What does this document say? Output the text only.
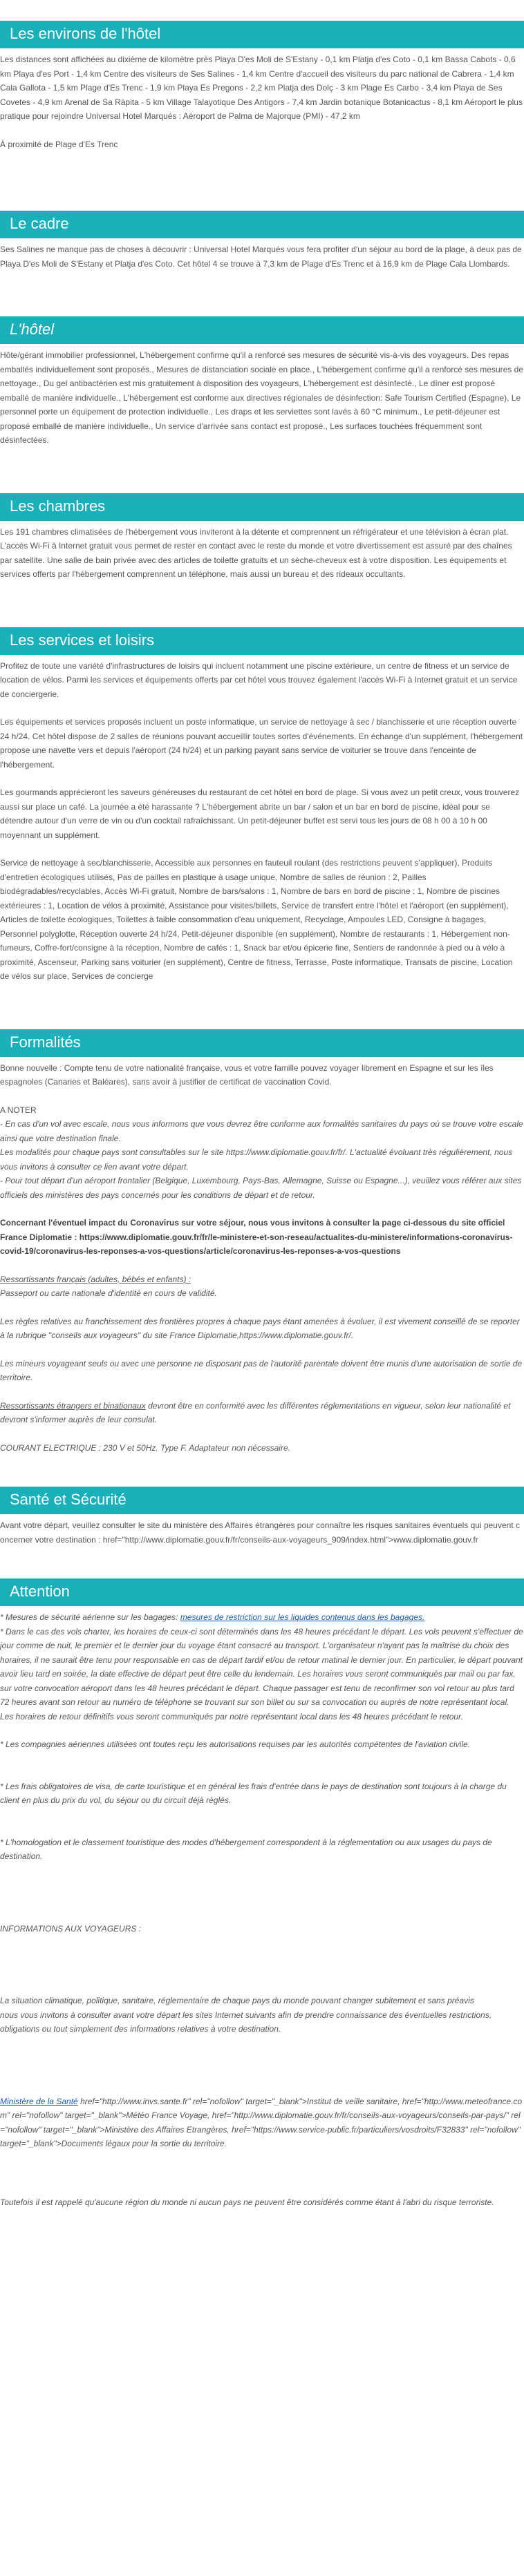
Les environs de l'hôtel

Les distances sont affichées au dixième de kilomètre près Playa D'es Moli de S'Estany - 0,1 km Platja d'es Coto - 0,1 km Bassa Cabots - 0,6 km Playa d'es Port - 1,4 km Centre des visiteurs de Ses Salines - 1,4 km Centre d'accueil des visiteurs du parc national de Cabrera - 1,4 km Cala Gallota - 1,5 km Plage d'Es Trenc - 1,9 km Playa Es Pregons - 2,2 km Platja des Dolç - 3 km Plage Es Carbo - 3,4 km Playa de Ses Covetes - 4,9 km Arenal de Sa Ràpita - 5 km Village Talayotique Des Antigors - 7,4 km Jardin botanique Botanicactus - 8,1 km Aéroport le plus pratique pour rejoindre Universal Hotel Marqués : Aéroport de Palma de Majorque (PMI) - 47,2 km

À proximité de Plage d'Es Trenc

Le cadre

Ses Salines ne manque pas de choses à découvrir : Universal Hotel Marqués vous fera profiter d'un séjour au bord de la plage, à deux pas de Playa D'es Moli de S'Estany et Platja d'es Coto. Cet hôtel 4 se trouve à 7,3 km de Plage d'Es Trenc et à 16,9 km de Plage Cala Llombards.

L'hôtel

Hôte/gérant immobilier professionnel, L'hébergement confirme qu'il a renforcé ses mesures de sécurité vis-à-vis des voyageurs. Des repas emballés individuellement sont proposés., Mesures de distanciation sociale en place., L'hébergement confirme qu'il a renforcé ses mesures de nettoyage., Du gel antibactérien est mis gratuitement à disposition des voyageurs, L'hébergement est désinfecté., Le dîner est proposé emballé de manière individuelle., L'hébergement est conforme aux directives régionales de désinfection: Safe Tourism Certified (Espagne), Le personnel porte un équipement de protection individuelle., Les draps et les serviettes sont lavés à 60 °C minimum., Le petit-déjeuner est proposé emballé de manière individuelle., Un service d'arrivée sans contact est proposé., Les surfaces touchées fréquemment sont désinfectées.

Les chambres

Les 191 chambres climatisées de l'hébergement vous inviteront à la détente et comprennent un réfrigérateur et une télévision à écran plat. L'accès Wi-Fi à Internet gratuit vous permet de rester en contact avec le reste du monde et votre divertissement est assuré par des chaînes par satellite. Une salle de bain privée avec des articles de toilette gratuits et un sèche-cheveux est à votre disposition. Les équipements et services offerts par l'hébergement comprennent un téléphone, mais aussi un bureau et des rideaux occultants.

Les services et loisirs

Profitez de toute une variété d'infrastructures de loisirs qui incluent notamment une piscine extérieure, un centre de fitness et un service de location de vélos. Parmi les services et équipements offerts par cet hôtel vous trouvez également l'accès Wi-Fi à Internet gratuit et un service de conciergerie.

Les équipements et services proposés incluent un poste informatique, un service de nettoyage à sec / blanchisserie et une réception ouverte 24 h/24. Cet hôtel dispose de 2 salles de réunions pouvant accueillir toutes sortes d'événements. En échange d'un supplément, l'hébergement propose une navette vers et depuis l'aéroport (24 h/24) et un parking payant sans service de voiturier se trouve dans l'enceinte de l'hébergement.

Les gourmands apprécieront les saveurs généreuses du restaurant de cet hôtel en bord de plage. Si vous avez un petit creux, vous trouverez aussi sur place un café. La journée a été harassante ? L'hébergement abrite un bar / salon et un bar en bord de piscine, idéal pour se détendre autour d'un verre de vin ou d'un cocktail rafraîchissant. Un petit-déjeuner buffet est servi tous les jours de 08 h 00 à 10 h 00 moyennant un supplément.

Service de nettoyage à sec/blanchisserie, Accessible aux personnes en fauteuil roulant (des restrictions peuvent s'appliquer), Produits d'entretien écologiques utilisés, Pas de pailles en plastique à usage unique, Nombre de salles de réunion : 2, Pailles biodégradables/recyclables, Accès Wi-Fi gratuit, Nombre de bars/salons : 1, Nombre de bars en bord de piscine : 1, Nombre de piscines extérieures : 1, Location de vélos à proximité, Assistance pour visites/billets, Service de transfert entre l'hôtel et l'aéroport (en supplément), Articles de toilette écologiques, Toilettes à faible consommation d'eau uniquement, Recyclage, Ampoules LED, Consigne à bagages, Personnel polyglotte, Réception ouverte 24 h/24, Petit-déjeuner disponible (en supplément), Nombre de restaurants : 1, Hébergement non-fumeurs, Coffre-fort/consigne à la réception, Nombre de cafés : 1, Snack bar et/ou épicerie fine, Sentiers de randonnée à pied ou à vélo à proximité, Ascenseur, Parking sans voiturier (en supplément), Centre de fitness, Terrasse, Poste informatique, Transats de piscine, Location de vélos sur place, Services de concierge

Formalités

Bonne nouvelle : Compte tenu de votre nationalité française, vous et votre famille pouvez voyager librement en Espagne et sur les îles espagnoles (Canaries et Baléares), sans avoir à justifier de certificat de vaccination Covid.

A NOTER

- En cas d'un vol avec escale, nous vous informons que vous devrez être conforme aux formalités sanitaires du pays où se trouve votre escale ainsi que votre destination finale.

Les modalités pour chaque pays sont consultables sur le site https://www.diplomatie.gouv.fr/fr/. L'actualité évoluant très régulièrement, nous vous invitons à consulter ce lien avant votre départ.

- Pour tout départ d'un aéroport frontalier (Belgique, Luxembourg, Pays-Bas, Allemagne, Suisse ou Espagne...), veuillez vous référer aux sites officiels des ministères des pays concernés pour les conditions de départ et de retour.

Concernant l'éventuel impact du Coronavirus sur votre séjour, nous vous invitons à consulter la page ci-dessous du site officiel France Diplomatie : https://www.diplomatie.gouv.fr/fr/le-ministere-et-son-reseau/actualites-du-ministere/informations-coronavirus-covid-19/coronavirus-les-reponses-a-vos-questions/article/coronavirus-les-reponses-a-vos-questions

Ressortissants français (adultes, bébés et enfants) :

Passeport ou carte nationale d'identité en cours de validité.

Les règles relatives au franchissement des frontières propres à chaque pays étant amenées à évoluer, il est vivement conseillé de se reporter à la rubrique "conseils aux voyageurs" du site France Diplomatie,https://www.diplomatie.gouv.fr/.

Les mineurs voyageant seuls ou avec une personne ne disposant pas de l'autorité parentale doivent être munis d'une autorisation de sortie de territoire.

Ressortissants étrangers et binationaux devront être en conformité avec les différentes réglementations en vigueur, selon leur nationalité et devront s'informer auprès de leur consulat.

COURANT ELECTRIQUE : 230 V et 50Hz. Type F. Adaptateur non nécessaire.

Santé et Sécurité

Avant votre départ, veuillez consulter le site du ministère des Affaires étrangères pour connaître les risques sanitaires éventuels qui peuvent concerner votre destination : href="http://www.diplomatie.gouv.fr/fr/conseils-aux-voyageurs_909/index.html">www.diplomatie.gouv.fr

Attention

* Mesures de sécurité aérienne sur les bagages: mesures de restriction sur les liquides contenus dans les bagages.

* Dans le cas des vols charter, les horaires de ceux-ci sont déterminés dans les 48 heures précédant le départ. Les vols peuvent s'effectuer de jour comme de nuit, le premier et le dernier jour du voyage étant consacré au transport. L'organisateur n'ayant pas la maîtrise du choix des horaires, il ne saurait être tenu pour responsable en cas de départ tardif et/ou de retour matinal le dernier jour. En particulier, le départ pouvant avoir lieu tard en soirée, la date effective de départ peut être celle du lendemain. Les horaires vous seront communiqués par mail ou par fax, sur votre convocation aéroport dans les 48 heures précédant le départ. Chaque passager est tenu de reconfirmer son vol retour au plus tard 72 heures avant son retour au numéro de téléphone se trouvant sur son billet ou sur sa convocation ou auprès de notre représentant local. Les horaires de retour définitifs vous seront communiqués par notre représentant local dans les 48 heures précédant le retour.

* Les compagnies aériennes utilisées ont toutes reçu les autorisations requises par les autorités compétentes de l'aviation civile.

* Les frais obligatoires de visa, de carte touristique et en général les frais d'entrée dans le pays de destination sont toujours à la charge du client en plus du prix du vol, du séjour ou du circuit déjà réglés.

* L'homologation et le classement touristique des modes d'hébergement correspondent à la réglementation ou aux usages du pays de destination.

INFORMATIONS AUX VOYAGEURS :

La situation climatique, politique, sanitaire, réglementaire de chaque pays du monde pouvant changer subitement et sans préavis

nous vous invitons à consulter avant votre départ les sites Internet suivants afin de prendre connaissance des éventuelles restrictions, obligations ou tout simplement des informations relatives à votre destination.

Ministère de la Santé href="http://www.invs.sante.fr" rel="nofollow" target="_blank">Institut de veille sanitaire, href="http://www.meteofrance.com" rel="nofollow" target="_blank">Météo France Voyage, href="http://www.diplomatie.gouv.fr/fr/conseils-aux-voyageurs/conseils-par-pays/" rel="nofollow" target="_blank">Ministère des Affaires Etrangères, href="https://www.service-public.fr/particuliers/vosdroits/F32833" rel="nofollow" target="_blank">Documents légaux pour la sortie du territoire.

Toutefois il est rappelé qu'aucune région du monde ni aucun pays ne peuvent être considérés comme étant à l'abri du risque terroriste.
